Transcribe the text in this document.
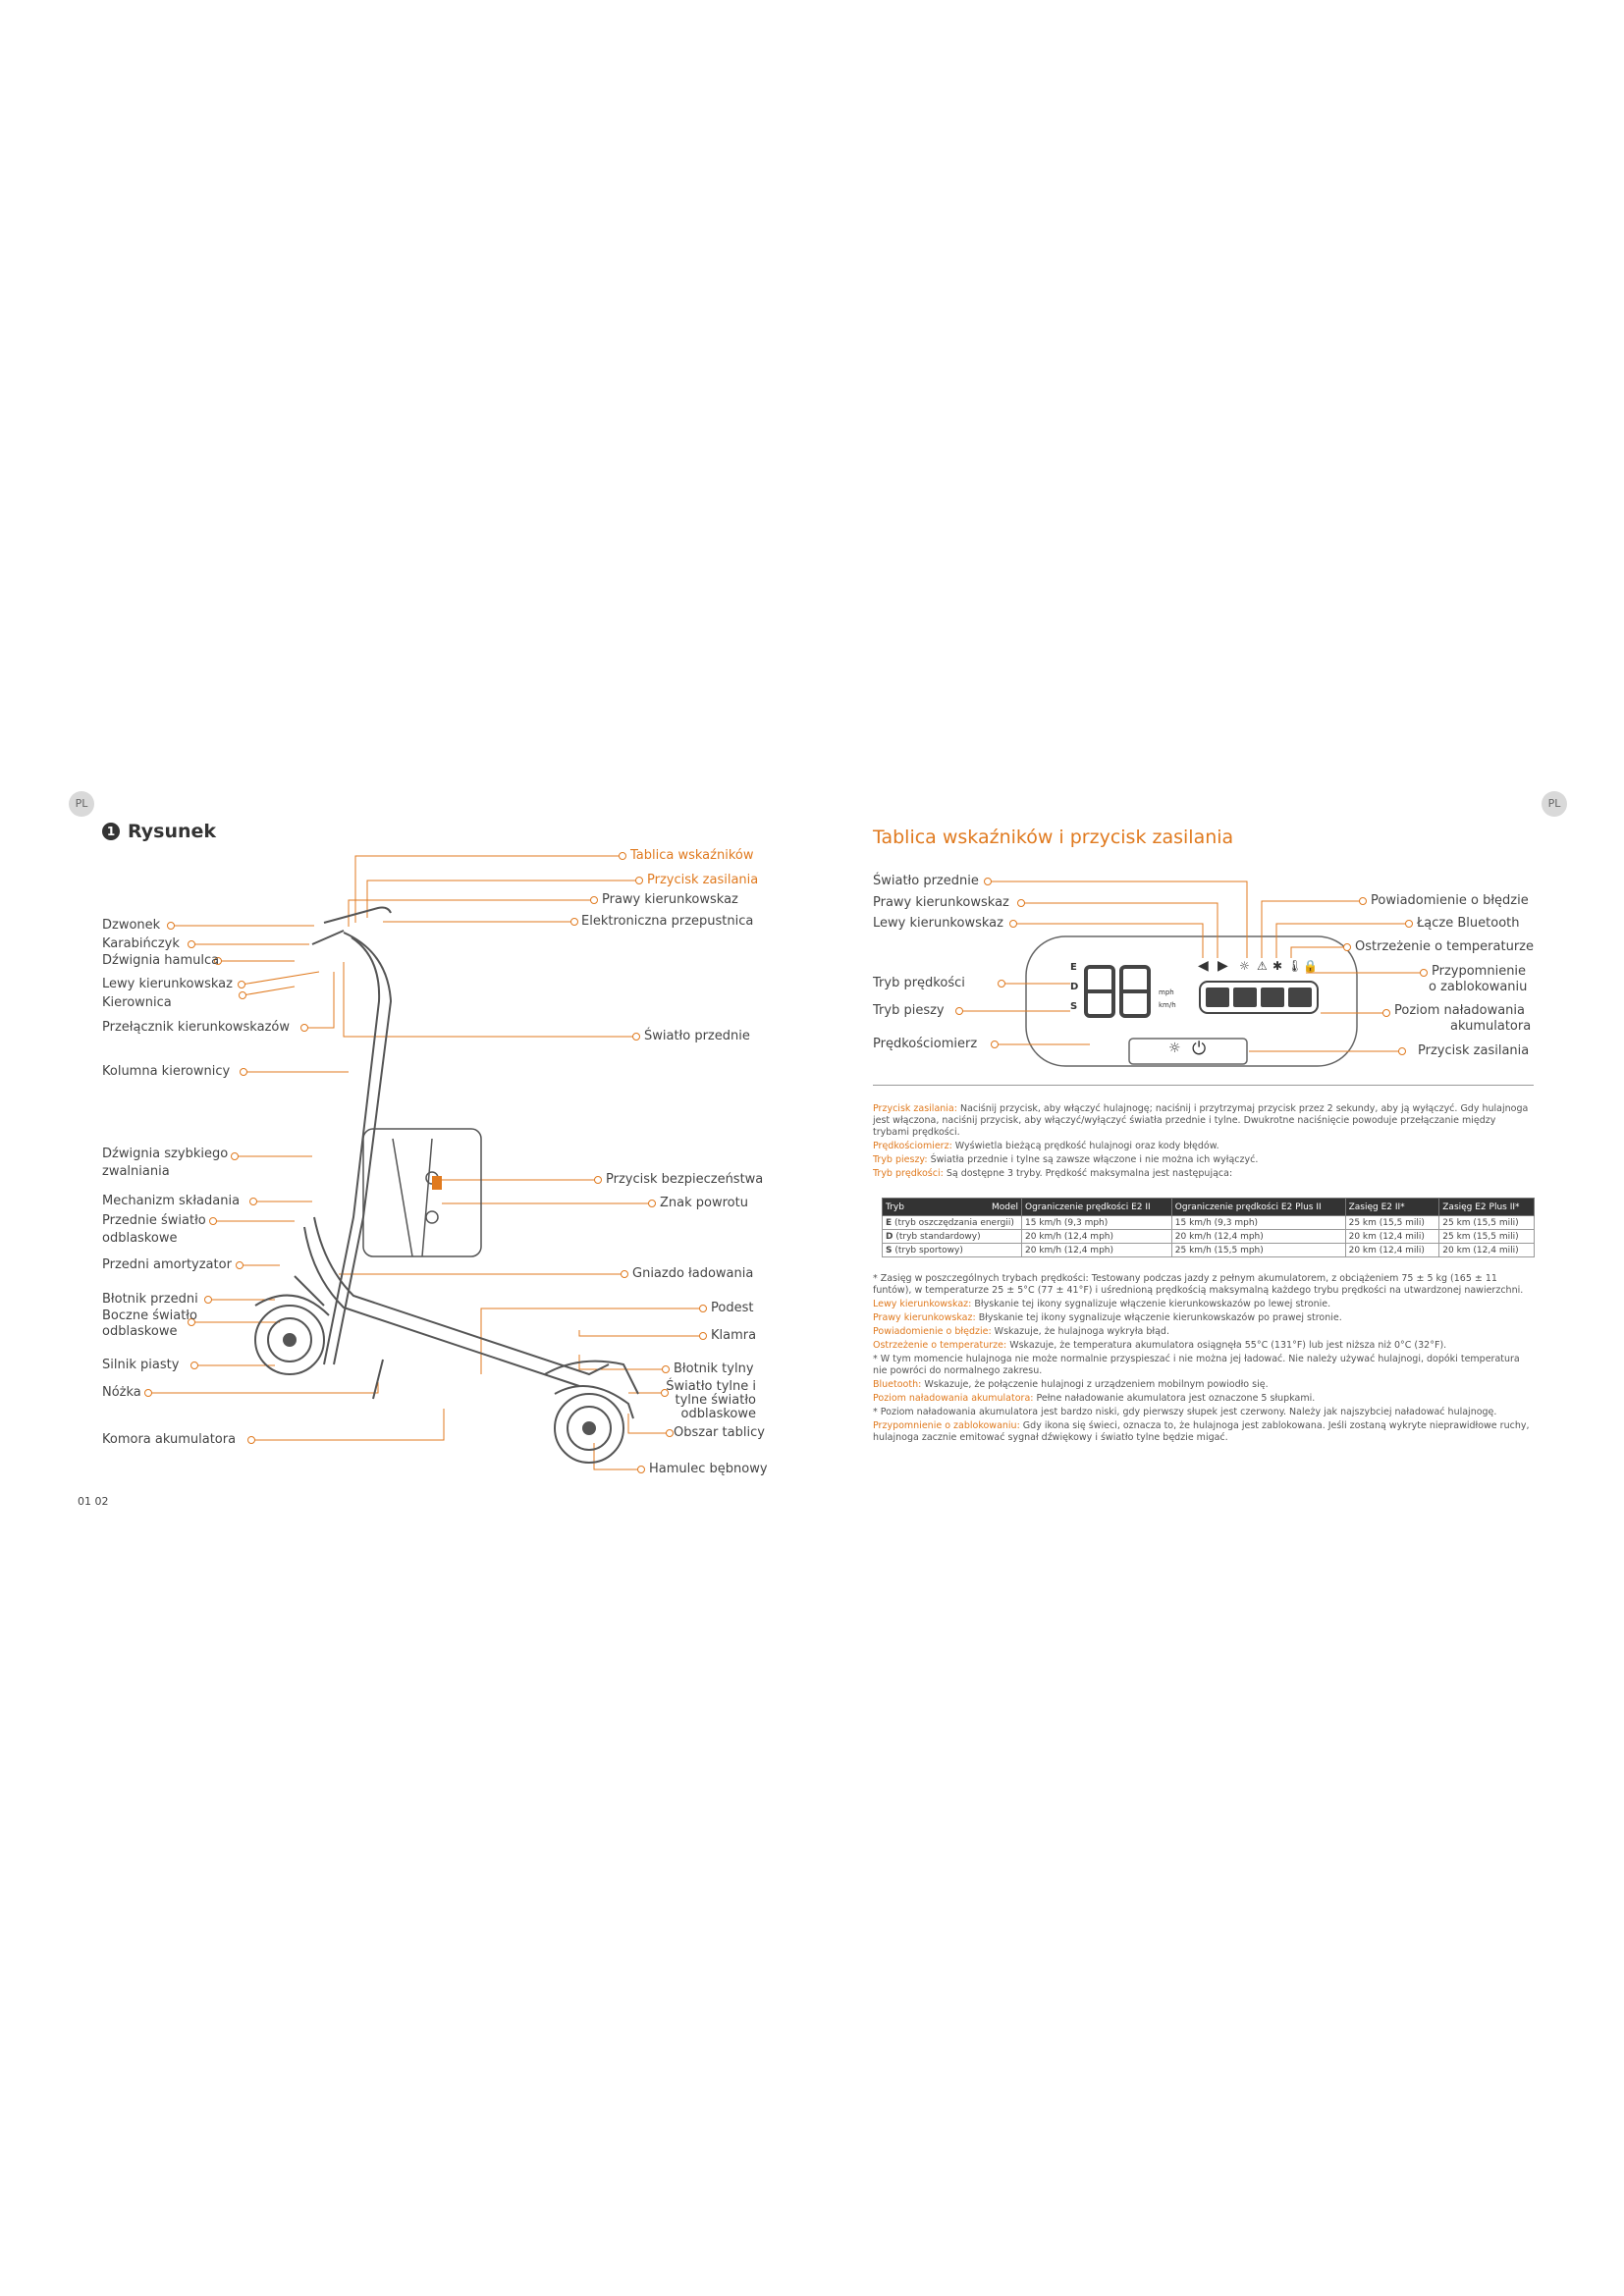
PL	PL
1 Rysunek
Tablica wskaźników
Przycisk zasilania
Prawy kierunkowskaz
Elektroniczna przepustnica
Dzwonek
Karabińczyk
Dźwignia hamulca
Lewy kierunkowskaz
Kierownica
Przełącznik kierunkowskazów
Światło przednie
Kolumna kierownicy
Dźwignia szybkiego
zwalniania
Przycisk bezpieczeństwa
Mechanizm składania	Znak powrotu
Przednie światło
odblaskowe
Przedni amortyzator
Gniazdo ładowania
Błotnik przedni
Podest
Boczne światło
odblaskowe	Klamra
Silnik piasty	Błotnik tylny
Nóżka	Światło tylne i
tylne światło
odblaskowe
Obszar tablicy
Komora akumulatora
Hamulec bębnowy
01 02
Tablica wskaźników i przycisk zasilania
◀ ▶ ☼ ⚠ ✱ 🌡 🔒
E
D
S
mph
km/h
☼ ⏻
Światło przednie
Prawy kierunkowskaz
Lewy kierunkowskaz
Tryb prędkości
Tryb pieszy
Prędkościomierz
Powiadomienie o błędzie
Łącze Bluetooth
Ostrzeżenie o temperaturze
Przypomnienie
o zablokowaniu
Poziom naładowania
akumulatora
Przycisk zasilania

Przycisk zasilania: Naciśnij przycisk, aby włączyć hulajnogę; naciśnij i przytrzymaj przycisk przez 2 sekundy, aby ją wyłączyć. Gdy hulajnoga jest włączona, naciśnij przycisk, aby włączyć/wyłączyć światła przednie i tylne. Dwukrotne naciśnięcie powoduje przełączanie między trybami prędkości.

Prędkościomierz: Wyświetla bieżącą prędkość hulajnogi oraz kody błędów.

Tryb pieszy: Światła przednie i tylne są zawsze włączone i nie można ich wyłączyć.

Tryb prędkości: Są dostępne 3 tryby. Prędkość maksymalna jest następująca:

Tryb Model	Ograniczenie prędkości E2 II	Ograniczenie prędkości E2 Plus II	Zasięg E2 II*	Zasięg E2 Plus II*
E (tryb oszczędzania energii)	15 km/h (9,3 mph)	15 km/h (9,3 mph)	25 km (15,5 mili)	25 km (15,5 mili)
D (tryb standardowy)	20 km/h (12,4 mph)	20 km/h (12,4 mph)	20 km (12,4 mili)	25 km (15,5 mili)
S (tryb sportowy)	20 km/h (12,4 mph)	25 km/h (15,5 mph)	20 km (12,4 mili)	20 km (12,4 mili)

* Zasięg w poszczególnych trybach prędkości: Testowany podczas jazdy z pełnym akumulatorem, z obciążeniem 75 ± 5 kg (165 ± 11 funtów), w temperaturze 25 ± 5°C (77 ± 41°F) i uśrednioną prędkością maksymalną każdego trybu prędkości na utwardzonej nawierzchni.

Lewy kierunkowskaz: Błyskanie tej ikony sygnalizuje włączenie kierunkowskazów po lewej stronie.

Prawy kierunkowskaz: Błyskanie tej ikony sygnalizuje włączenie kierunkowskazów po prawej stronie.

Powiadomienie o błędzie: Wskazuje, że hulajnoga wykryła błąd.

Ostrzeżenie o temperaturze: Wskazuje, że temperatura akumulatora osiągnęła 55°C (131°F) lub jest niższa niż 0°C (32°F).

* W tym momencie hulajnoga nie może normalnie przyspieszać i nie można jej ładować. Nie należy używać hulajnogi, dopóki temperatura nie powróci do normalnego zakresu.

Bluetooth: Wskazuje, że połączenie hulajnogi z urządzeniem mobilnym powiodło się.

Poziom naładowania akumulatora: Pełne naładowanie akumulatora jest oznaczone 5 słupkami.

* Poziom naładowania akumulatora jest bardzo niski, gdy pierwszy słupek jest czerwony. Należy jak najszybciej naładować hulajnogę.

Przypomnienie o zablokowaniu: Gdy ikona się świeci, oznacza to, że hulajnoga jest zablokowana. Jeśli zostaną wykryte nieprawidłowe ruchy, hulajnoga zacznie emitować sygnał dźwiękowy i światło tylne będzie migać.
